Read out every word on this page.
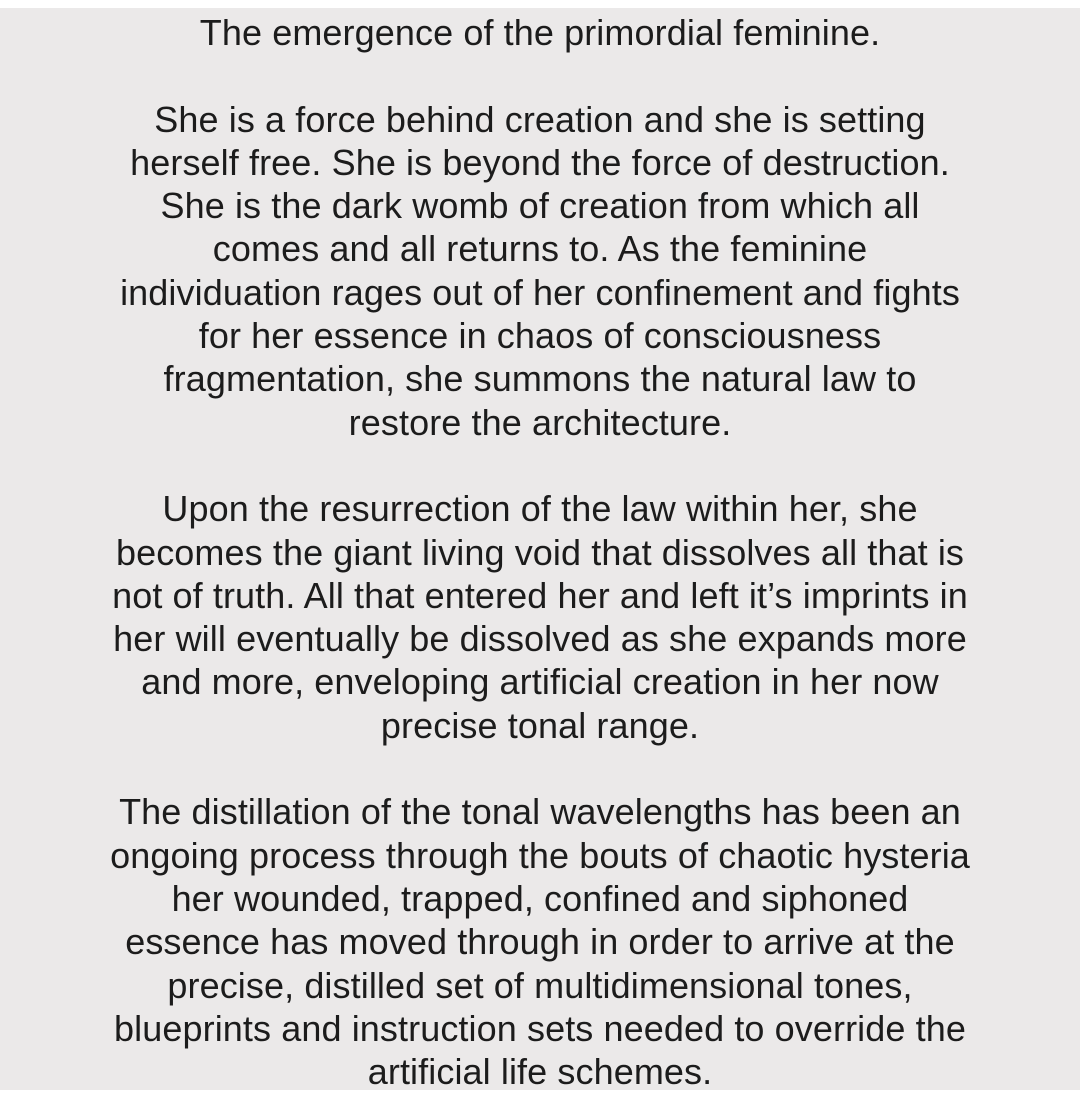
The emergence of the primordial feminine.

She is a force behind creation and she is setting
herself free. She is beyond the force of destruction.
She is the dark womb of creation from which all
comes and all returns to. As the feminine
individuation rages out of her confinement and fights
for her essence in chaos of consciousness
fragmentation, she summons the natural law to
restore the architecture.

Upon the resurrection of the law within her, she
becomes the giant living void that dissolves all that is
not of truth. All that entered her and left it’s imprints in
her will eventually be dissolved as she expands more
and more, enveloping artificial creation in her now
precise tonal range.

The distillation of the tonal wavelengths has been an
ongoing process through the bouts of chaotic hysteria
her wounded, trapped, confined and siphoned
essence has moved through in order to arrive at the
precise, distilled set of multidimensional tones,
blueprints and instruction sets needed to override the
artificial life schemes.
